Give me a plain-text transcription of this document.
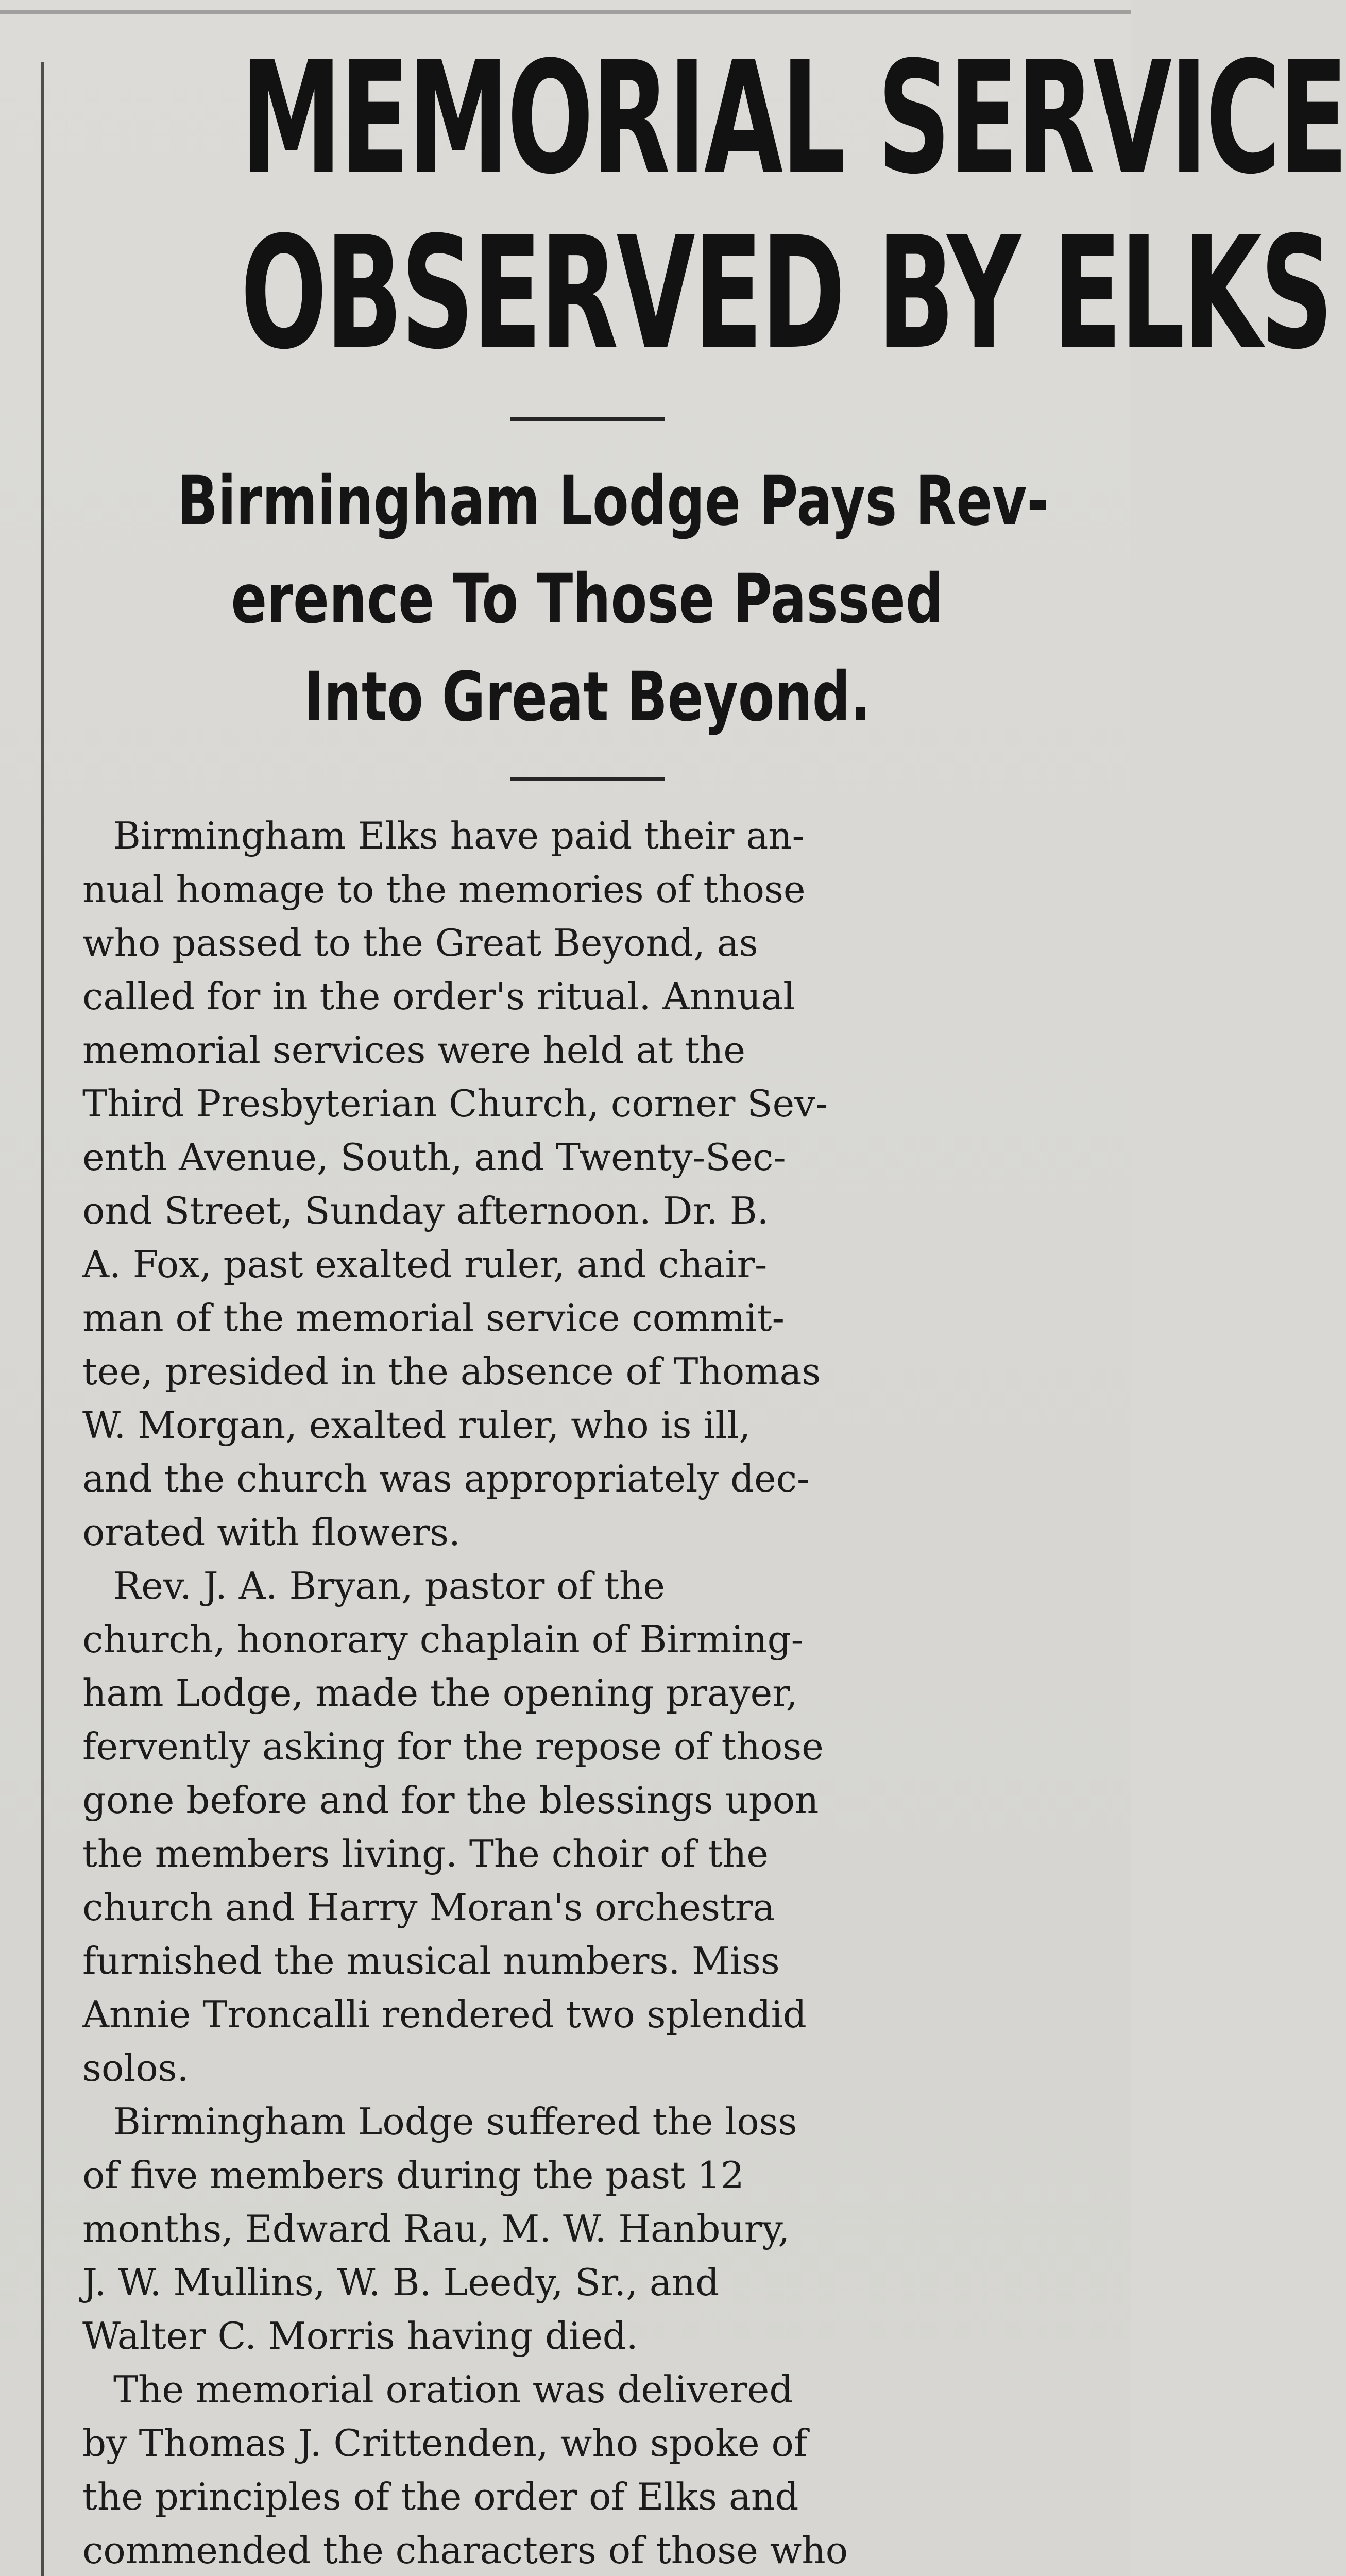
MEMORIAL SERVICE
OBSERVED BY ELKS
Birmingham Lodge Pays Rev-
erence To Those Passed
Into Great Beyond.
Birmingham Elks have paid their an-
nual homage to the memories of those
who passed to the Great Beyond, as
called for in the order's ritual. Annual
memorial services were held at the
Third Presbyterian Church, corner Sev-
enth Avenue, South, and Twenty-Sec-
ond Street, Sunday afternoon. Dr. B.
A. Fox, past exalted ruler, and chair-
man of the memorial service commit-
tee, presided in the absence of Thomas
W. Morgan, exalted ruler, who is ill,
and the church was appropriately dec-
orated with flowers.
Rev. J. A. Bryan, pastor of the
church, honorary chaplain of Birming-
ham Lodge, made the opening prayer,
fervently asking for the repose of those
gone before and for the blessings upon
the members living. The choir of the
church and Harry Moran's orchestra
furnished the musical numbers. Miss
Annie Troncalli rendered two splendid
solos.
Birmingham Lodge suffered the loss
of five members during the past 12
months, Edward Rau, M. W. Hanbury,
J. W. Mullins, W. B. Leedy, Sr., and
Walter C. Morris having died.
The memorial oration was delivered
by Thomas J. Crittenden, who spoke of
the principles of the order of Elks and
commended the characters of those who
